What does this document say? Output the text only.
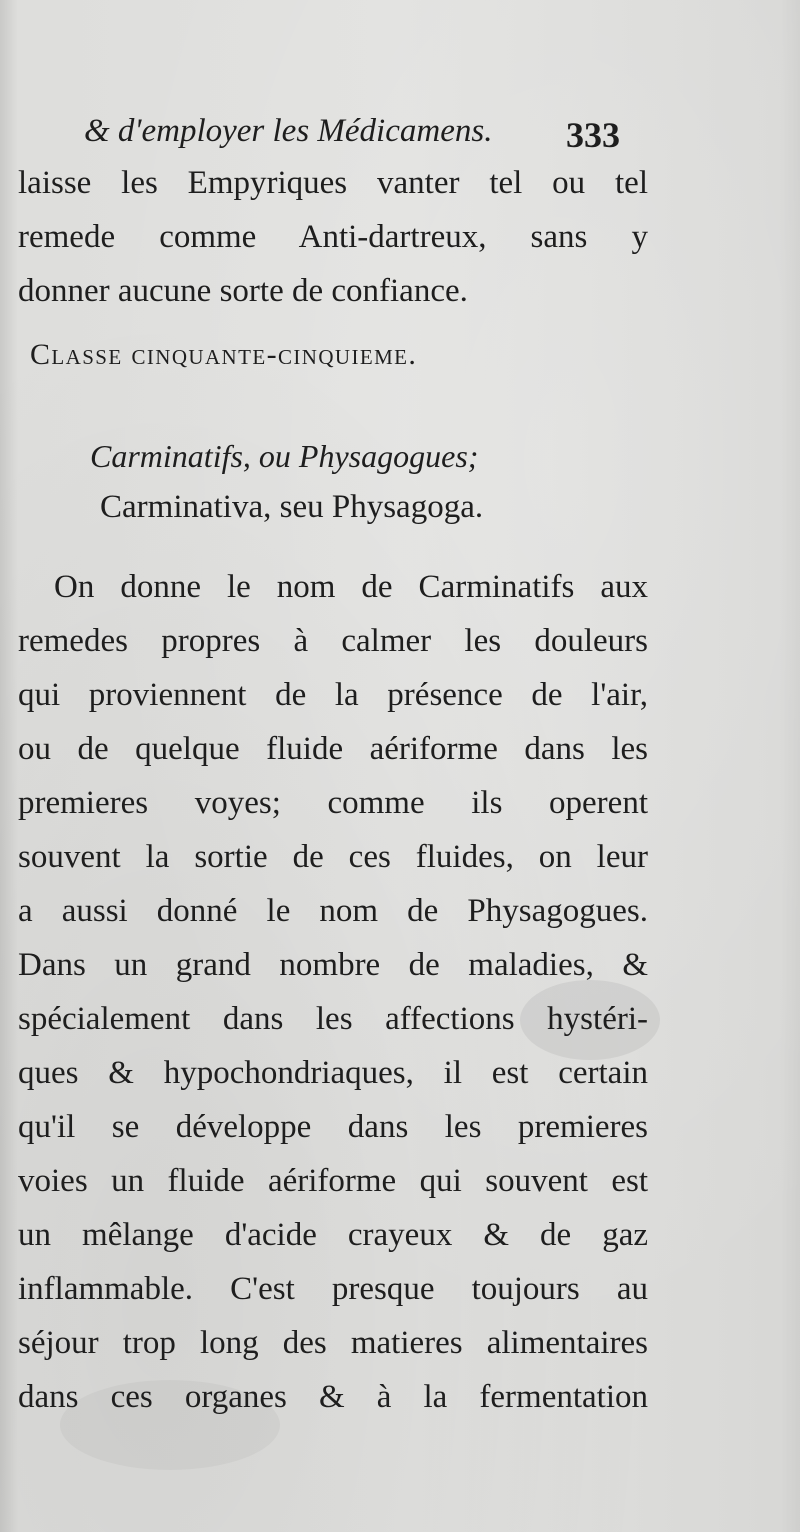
& d'employer les Médicamens.	333
laisse les Empyriques vanter tel ou tel
remede comme Anti-dartreux, sans y
donner aucune sorte de confiance.
Classe cinquante-cinquieme.
Carminatifs, ou Physagogues;
Carminativa, seu Physagoga.
On donne le nom de Carminatifs aux
remedes propres à calmer les douleurs
qui proviennent de la présence de l'air,
ou de quelque fluide aériforme dans les
premieres voyes; comme ils operent
souvent la sortie de ces fluides, on leur
a aussi donné le nom de Physagogues.
Dans un grand nombre de maladies, &
spécialement dans les affections hystéri-
ques & hypochondriaques, il est certain
qu'il se développe dans les premieres
voies un fluide aériforme qui souvent est
un mêlange d'acide crayeux & de gaz
inflammable. C'est presque toujours au
séjour trop long des matieres alimentaires
dans ces organes & à la fermentation
